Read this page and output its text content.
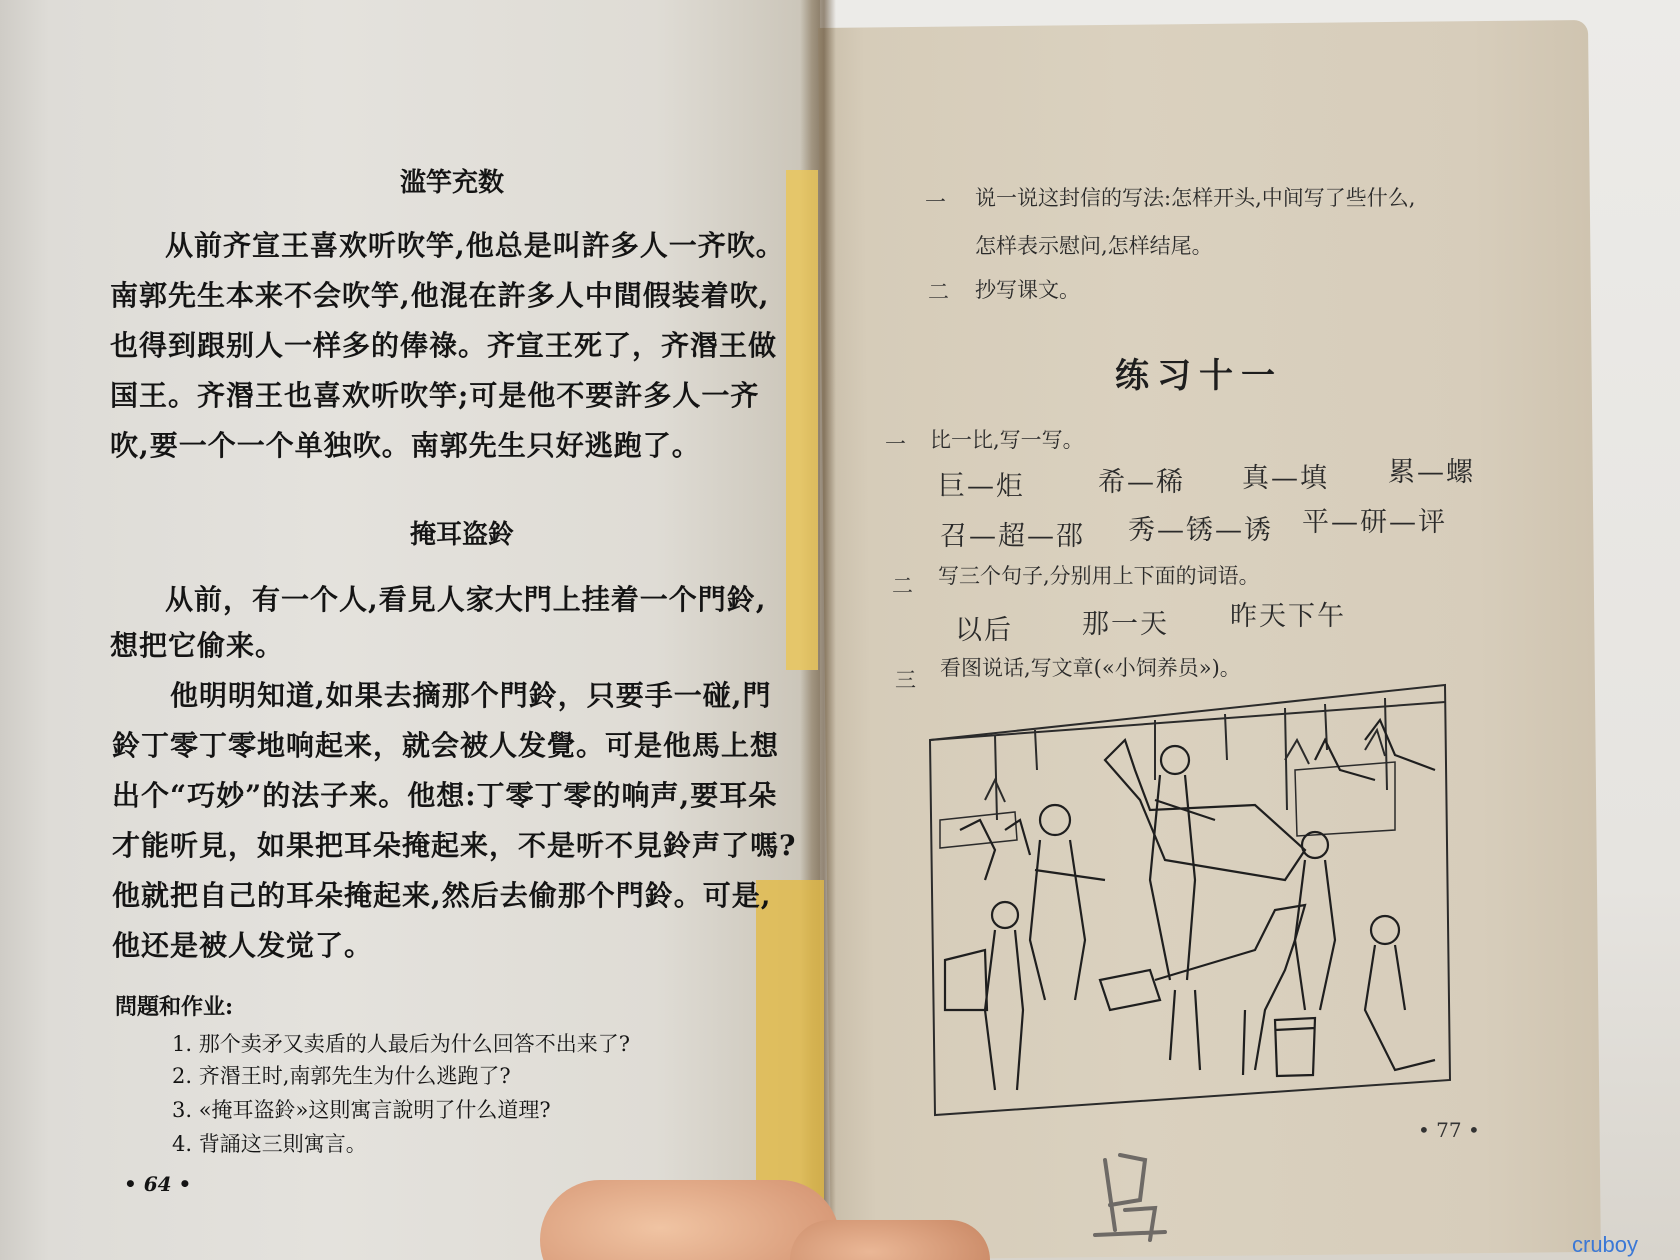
滥竽充数
从前齐宣王喜欢听吹竽,他总是叫許多人一齐吹。
南郭先生本来不会吹竽,他混在許多人中間假装着吹,
也得到跟别人一样多的俸祿。齐宣王死了，齐湣王做
国王。齐湣王也喜欢听吹竽;可是他不要許多人一齐
吹,要一个一个单独吹。南郭先生只好逃跑了。
掩耳盗鈴
从前，有一个人,看見人家大門上挂着一个門鈴,
想把它偷来。
他明明知道,如果去摘那个門鈴，只要手一碰,門
鈴丁零丁零地响起来，就会被人发覺。可是他馬上想
出个“巧妙”的法子来。他想:丁零丁零的响声,要耳朵
才能听見，如果把耳朵掩起来，不是听不見鈴声了嗎?
他就把自己的耳朵掩起来,然后去偷那个門鈴。可是,
他还是被人发觉了。
問題和作业:
1. 那个卖矛又卖盾的人最后为什么回答不出来了?
2. 齐湣王时,南郭先生为什么逃跑了?
3. «掩耳盗鈴»这則寓言說明了什么道理?
4. 背誦这三則寓言。
• 64 •
一 说一说这封信的写法:怎样开头,中间写了些什么,
怎样表示慰问,怎样结尾。
二 抄写课文。
练习十一
一 比一比,写一写。
巨—炬	希—稀 真—填 累—螺
召—超—邵 秀—锈—诱 平—研—评
二 写三个句子,分别用上下面的词语。
以后	那一天 昨天下午
三 看图说话,写文章(«小饲养员»)。
• 77 •
cruboy
